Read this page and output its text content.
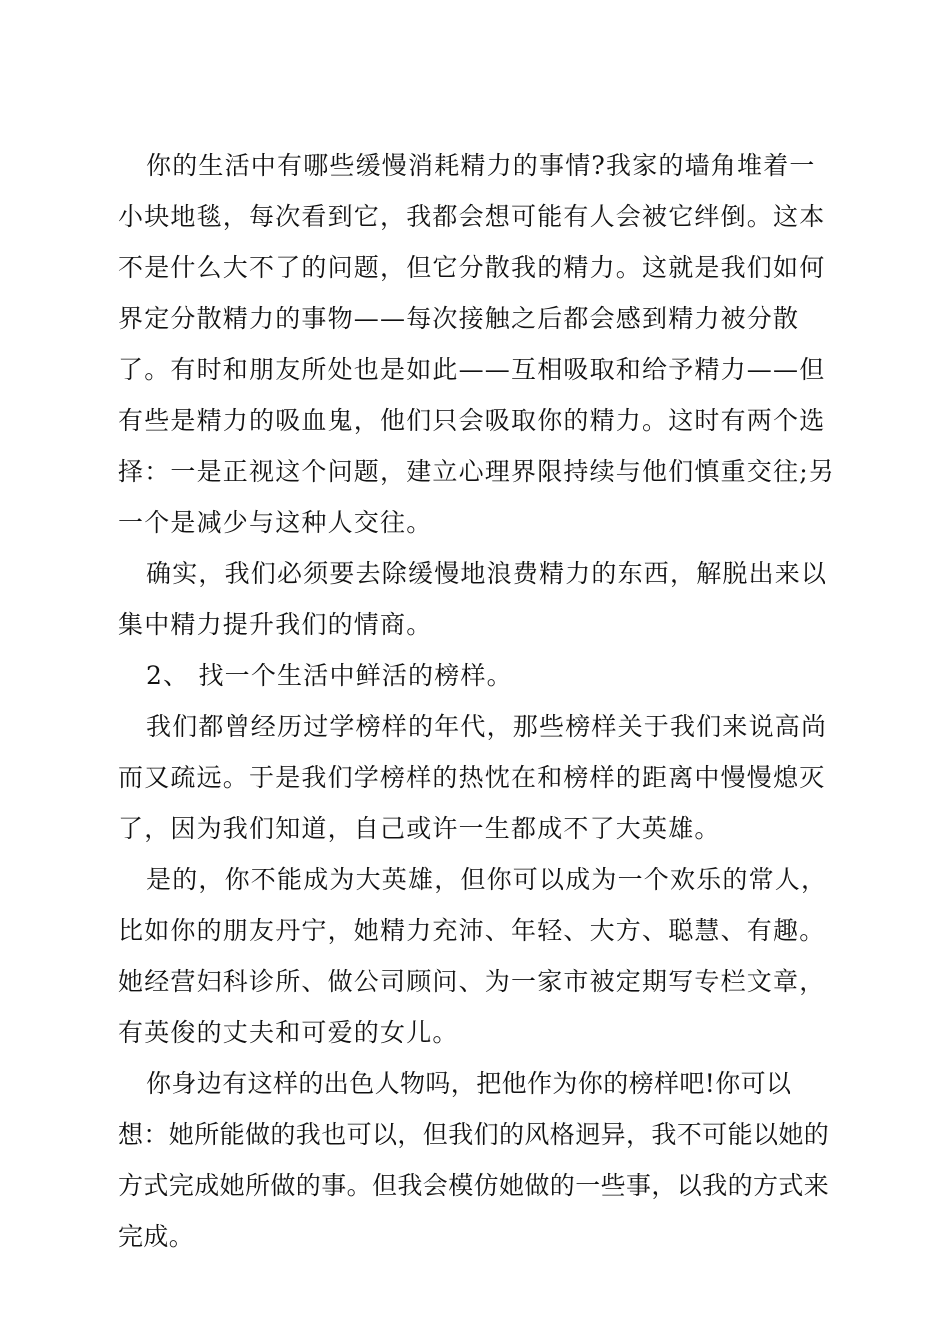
你的生活中有哪些缓慢消耗精力的事情?我家的墙角堆着一小块地毯，每次看到它，我都会想可能有人会被它绊倒。这本不是什么大不了的问题，但它分散我的精力。这就是我们如何界定分散精力的事物——每次接触之后都会感到精力被分散了。有时和朋友所处也是如此——互相吸取和给予精力——但有些是精力的吸血鬼，他们只会吸取你的精力。这时有两个选择：一是正视这个问题，建立心理界限持续与他们慎重交往;另一个是减少与这种人交往。

确实，我们必须要去除缓慢地浪费精力的东西，解脱出来以集中精力提升我们的情商。

2、 找一个生活中鲜活的榜样。

我们都曾经历过学榜样的年代，那些榜样关于我们来说高尚而又疏远。于是我们学榜样的热忱在和榜样的距离中慢慢熄灭了，因为我们知道，自己或许一生都成不了大英雄。

是的，你不能成为大英雄，但你可以成为一个欢乐的常人，比如你的朋友丹宁，她精力充沛、年轻、大方、聪慧、有趣。她经营妇科诊所、做公司顾问、为一家市被定期写专栏文章，有英俊的丈夫和可爱的女儿。

你身边有这样的出色人物吗，把他作为你的榜样吧!你可以想：她所能做的我也可以，但我们的风格迥异，我不可能以她的方式完成她所做的事。但我会模仿她做的一些事，以我的方式来完成。
